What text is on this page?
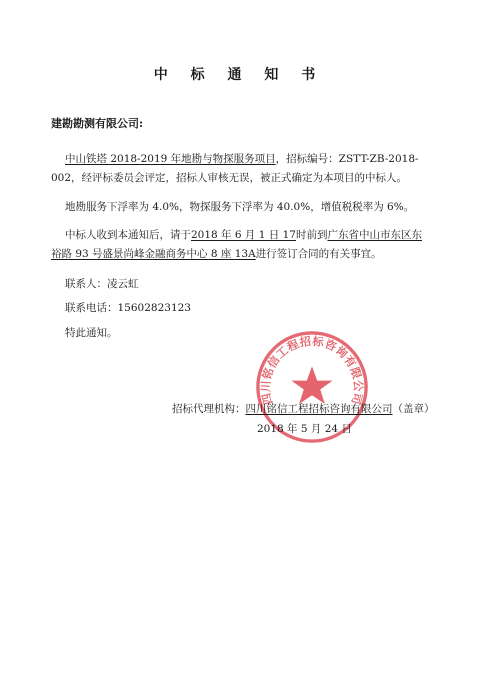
中 标 通 知 书
建勘勘测有限公司:
中山铁塔 2018-2019 年地勘与物探服务项目，招标编号：ZSTT-ZB-2018-002，经评标委员会评定，招标人审核无误，被正式确定为本项目的中标人。
地勘服务下浮率为 4.0%，物探服务下浮率为 40.0%，增值税税率为 6%。
中标人收到本通知后，请于2018 年 6 月 1 日 17时前到广东省中山市东区东裕路 93 号盛景尚峰金融商务中心 8 座 13A进行签订合同的有关事宜。
联系人：凌云虹
联系电话：15602823123
特此通知。
四川铭信工程招标咨询有限公司
招标代理机构：四川铭信工程招标咨询有限公司（盖章）
2018 年 5 月 24 日
